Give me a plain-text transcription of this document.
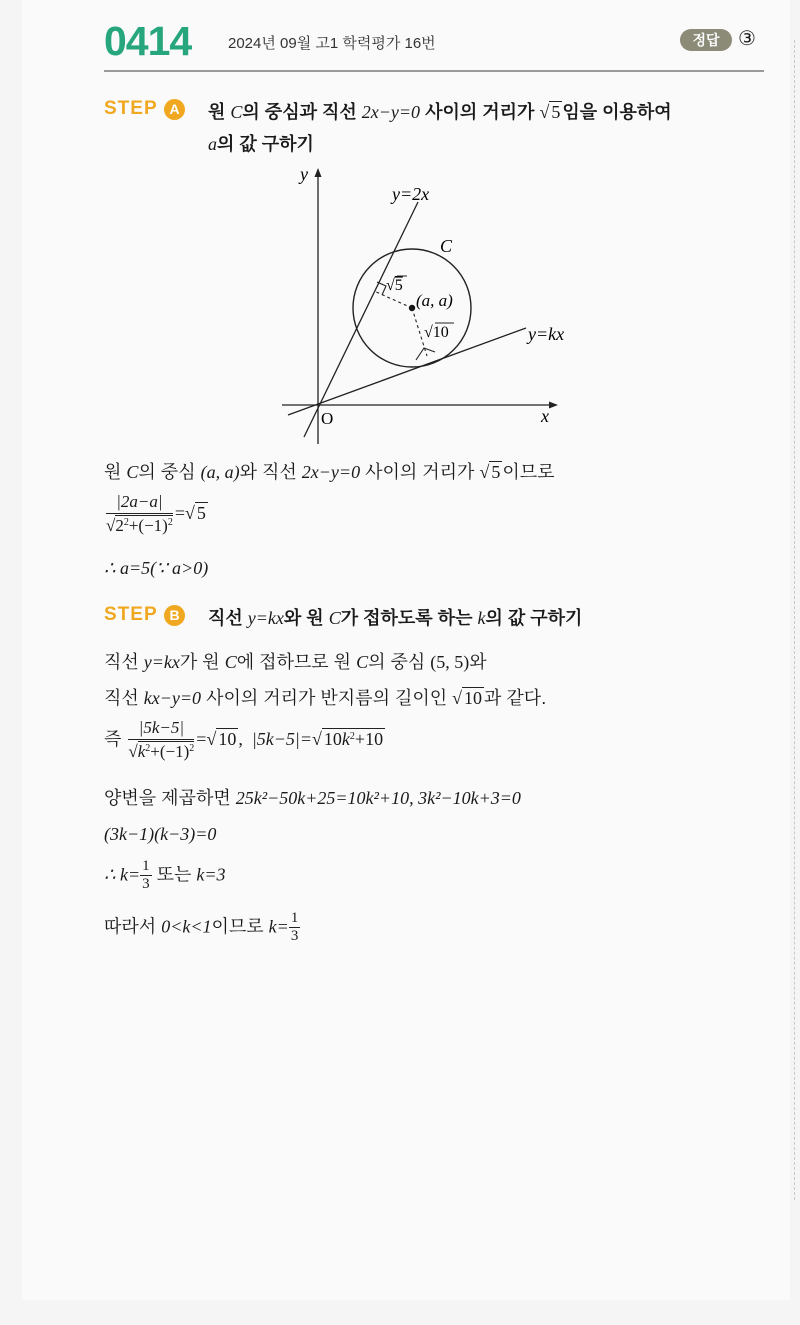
0414 2024년 09월 고1 학력평가 16번	정답 ③
STEP A	원 C의 중심과 직선 2x−y=0 사이의 거리가 √ 5 임을 이용하여
a의 값 구하기
y
x
O
y=2x
y=kx
C
(a, a)
√5
√10
원 C의 중심 (a, a)와 직선 2x−y=0 사이의 거리가 √ 5 이므로
$\frac{|2a-a|}{√2^2+(-1)^2}$ =√ 5
∴ a=5(∵ a>0)
STEP B	직선 y=kx와 원 C가 접하도록 하는 k의 값 구하기
직선 y=kx가 원 C에 접하므로 원 C의 중심 (5, 5)와
직선 kx−y=0 사이의 거리가 반지름의 길이인 √ 10 과 같다.
즉 $\frac{|5k-5|}{√k^2+(-1)^2}$ =√ 10 ,  |5k−5|=√ $10k^2+10$
양변을 제곱하면 25k²−50k+25=10k²+10, 3k²−10k+3=0
(3k−1)(k−3)=0
∴ $k= \frac{1}{3}$ 또는 k=3
따라서 0<k<1이므로 $k= \frac{1}{3}$
